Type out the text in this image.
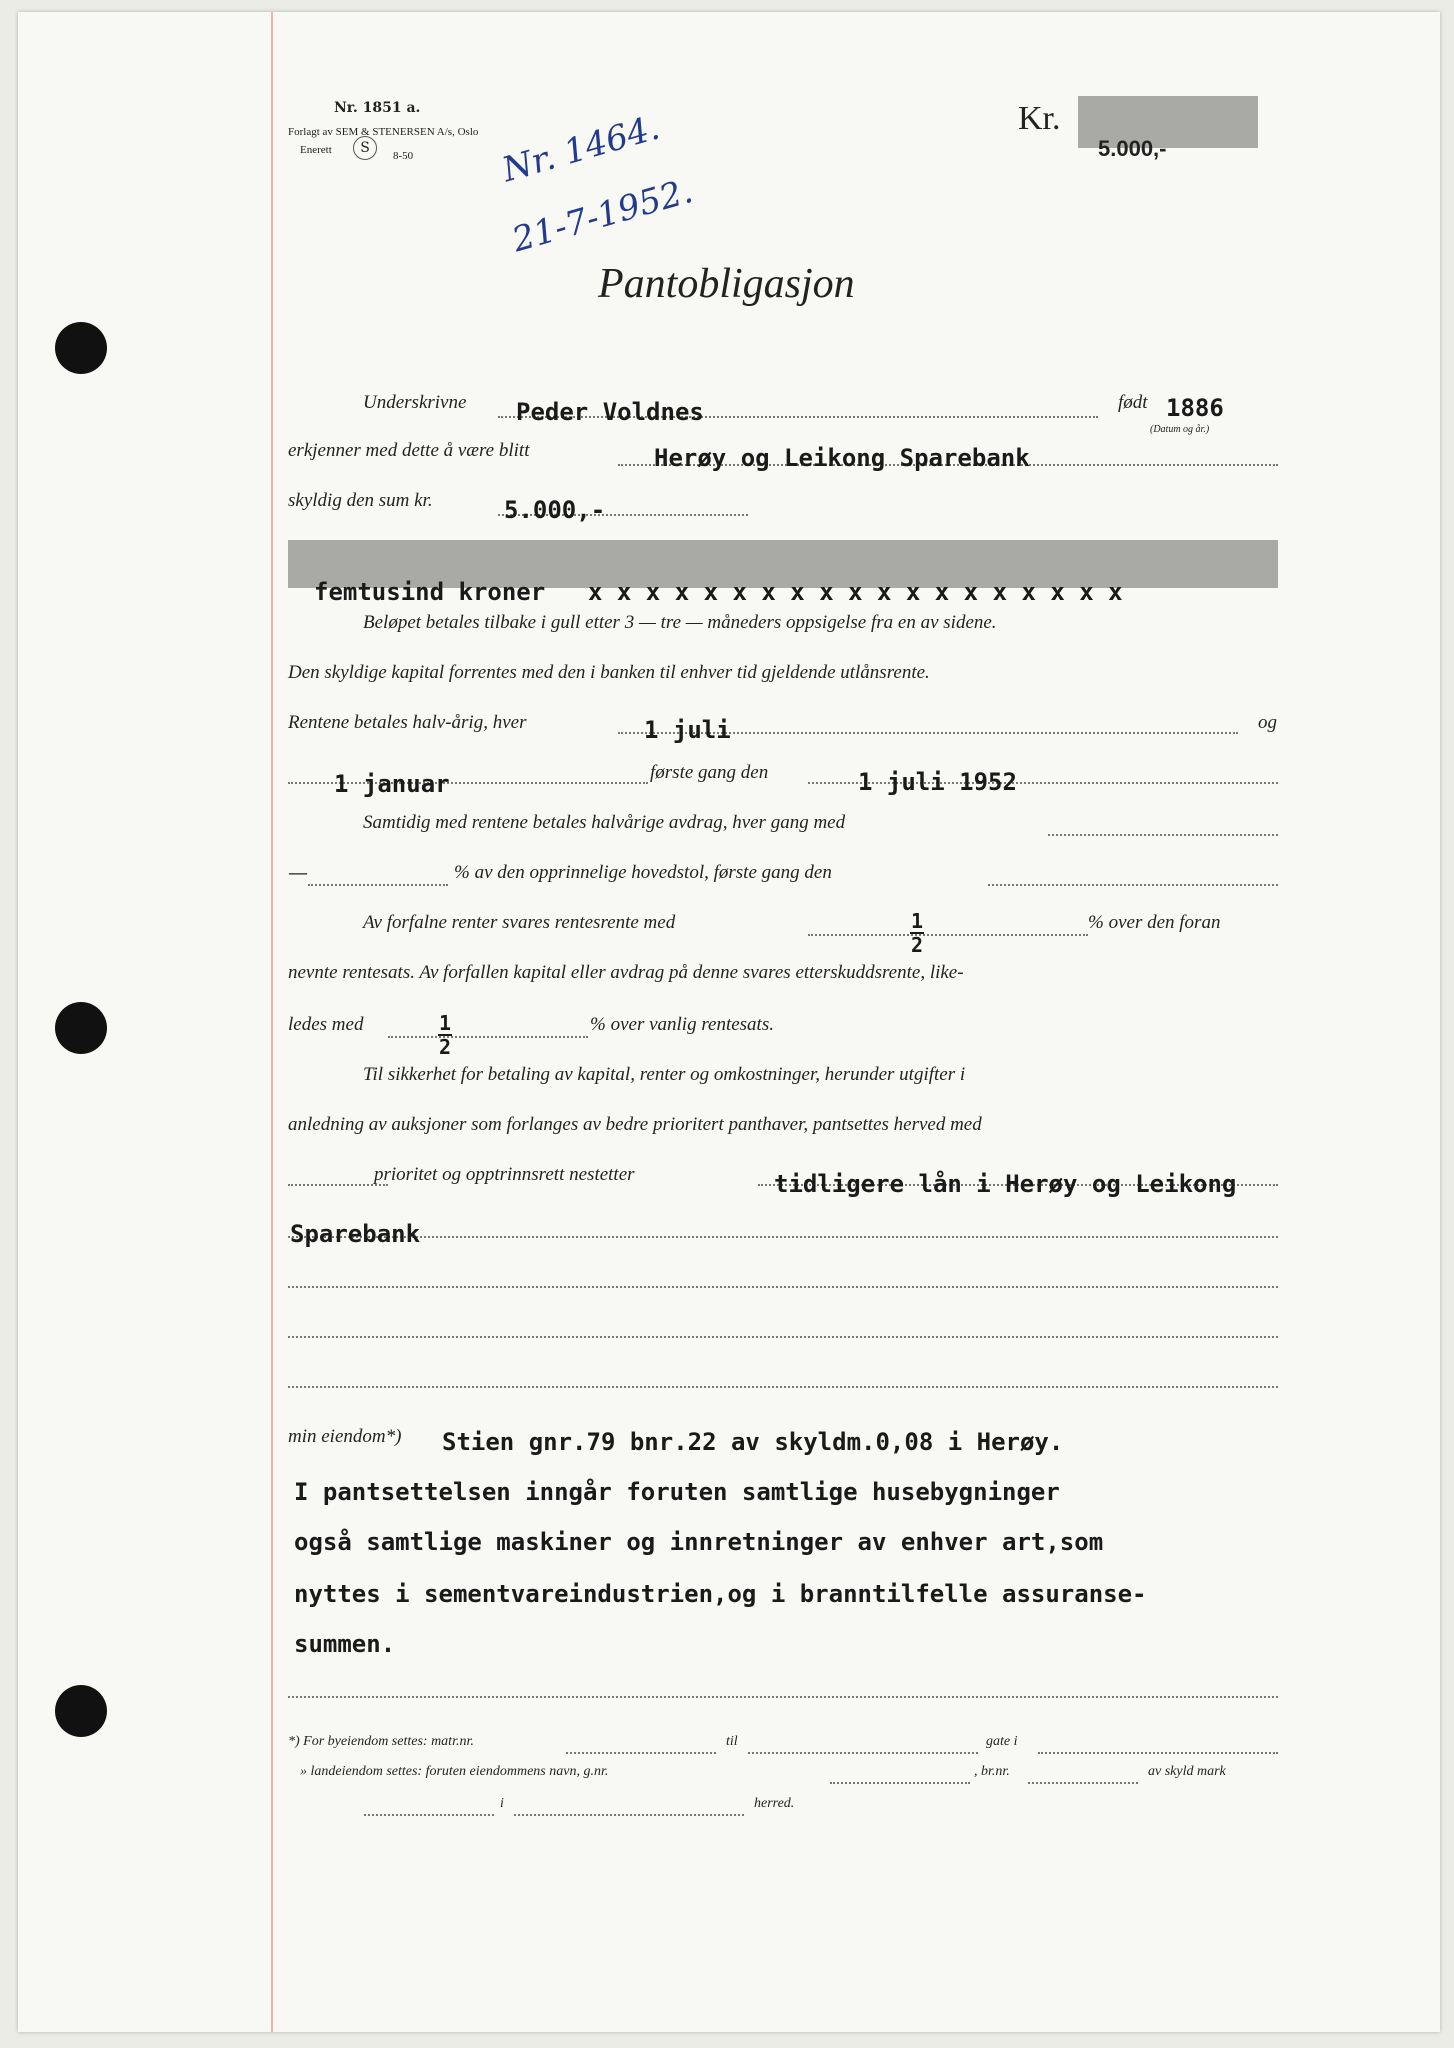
Nr. 1851 a.
Forlagt av SEM & STENERSEN A/s, Oslo
Enerett	8-50
S
Kr.
5.000,-
Nr. 1464.
21-7-1952.
Pantobligasjon
Underskrivne Peder Voldnes	født 1886
(Datum og år.)
erkjenner med dette å være blitt	Herøy og Leikong Sparebank
skyldig den sum kr.	5.000,-
femtusind kroner x x x x x x x x x x x x x x x x x x x
Beløpet betales tilbake i gull etter 3 — tre — måneders oppsigelse fra en av sidene.
Den skyldige kapital forrentes med den i banken til enhver tid gjeldende utlånsrente.
Rentene betales halv-årig, hver	1 juli	og
1 januar	første gang den	1 juli 1952
Samtidig med rentene betales halvårige avdrag, hver gang med
—	% av den opprinnelige hovedstol, første gang den
Av forfalne renter svares rentesrente med	1
2
% over den foran
nevnte rentesats. Av forfallen kapital eller avdrag på denne svares etterskuddsrente, like-
ledes med	1
2
% over vanlig rentesats.
Til sikkerhet for betaling av kapital, renter og omkostninger, herunder utgifter i
anledning av auksjoner som forlanges av bedre prioritert panthaver, pantsettes herved med
prioritet og opptrinnsrett nestetter	tidligere lån i Herøy og Leikong
Sparebank
min eiendom*) Stien gnr.79 bnr.22 av skyldm.0,08 i Herøy.
I pantsettelsen inngår foruten samtlige husebygninger
også samtlige maskiner og innretninger av enhver art,som
nyttes i sementvareindustrien,og i branntilfelle assuranse-
summen.
*) For byeiendom settes: matr.nr.	til	gate i
» landeiendom settes: foruten eiendommens navn, g.nr.	, br.nr.	av skyld mark
i	herred.
